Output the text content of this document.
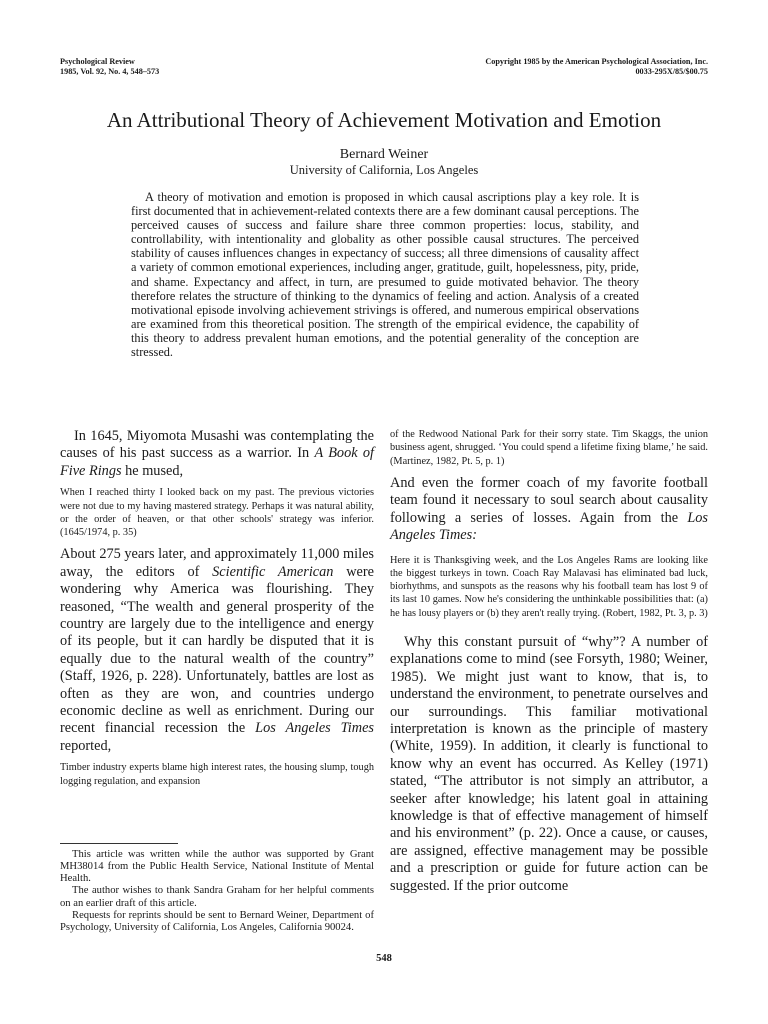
Psychological Review
1985, Vol. 92, No. 4, 548–573
Copyright 1985 by the American Psychological Association, Inc.
0033-295X/85/$00.75
An Attributional Theory of Achievement Motivation and Emotion
Bernard Weiner
University of California, Los Angeles

A theory of motivation and emotion is proposed in which causal ascriptions play a key role. It is first documented that in achievement-related contexts there are a few dominant causal perceptions. The perceived causes of success and failure share three common properties: locus, stability, and controllability, with intentionality and globality as other possible causal structures. The perceived stability of causes influences changes in expectancy of success; all three dimensions of causality affect a variety of common emotional experiences, including anger, gratitude, guilt, hopelessness, pity, pride, and shame. Expectancy and affect, in turn, are presumed to guide motivated behavior. The theory therefore relates the structure of thinking to the dynamics of feeling and action. Analysis of a created motivational episode involving achievement strivings is offered, and numerous empirical observations are examined from this theoretical position. The strength of the empirical evidence, the capability of this theory to address prevalent human emotions, and the potential generality of the conception are stressed.

In 1645, Miyomota Musashi was contemplating the causes of his past success as a warrior. In A Book of Five Rings he mused,

When I reached thirty I looked back on my past. The previous victories were not due to my having mastered strategy. Perhaps it was natural ability, or the order of heaven, or that other schools' strategy was inferior. (1645/1974, p. 35)

About 275 years later, and approximately 11,000 miles away, the editors of Scientific American were wondering why America was flourishing. They reasoned, “The wealth and general prosperity of the country are largely due to the intelligence and energy of its people, but it can hardly be disputed that it is equally due to the natural wealth of the country” (Staff, 1926, p. 228). Unfortunately, battles are lost as often as they are won, and countries undergo economic decline as well as enrichment. During our recent financial recession the Los Angeles Times reported,

Timber industry experts blame high interest rates, the housing slump, tough logging regulation, and expansion

This article was written while the author was supported by Grant MH38014 from the Public Health Service, National Institute of Mental Health.

The author wishes to thank Sandra Graham for her helpful comments on an earlier draft of this article.

Requests for reprints should be sent to Bernard Weiner, Department of Psychology, University of California, Los Angeles, California 90024.

of the Redwood National Park for their sorry state. Tim Skaggs, the union business agent, shrugged. ‘You could spend a lifetime fixing blame,’ he said. (Martinez, 1982, Pt. 5, p. 1)

And even the former coach of my favorite football team found it necessary to soul search about causality following a series of losses. Again from the Los Angeles Times:

Here it is Thanksgiving week, and the Los Angeles Rams are looking like the biggest turkeys in town. Coach Ray Malavasi has eliminated bad luck, biorhythms, and sunspots as the reasons why his football team has lost 9 of its last 10 games. Now he's considering the unthinkable possibilities that: (a) he has lousy players or (b) they aren't really trying. (Robert, 1982, Pt. 3, p. 3)

Why this constant pursuit of “why”? A number of explanations come to mind (see Forsyth, 1980; Weiner, 1985). We might just want to know, that is, to understand the environment, to penetrate ourselves and our surroundings. This familiar motivational interpretation is known as the principle of mastery (White, 1959). In addition, it clearly is functional to know why an event has occurred. As Kelley (1971) stated, “The attributor is not simply an attributor, a seeker after knowledge; his latent goal in attaining knowledge is that of effective management of himself and his environment” (p. 22). Once a cause, or causes, are assigned, effective management may be possible and a prescription or guide for future action can be suggested. If the prior outcome

548
